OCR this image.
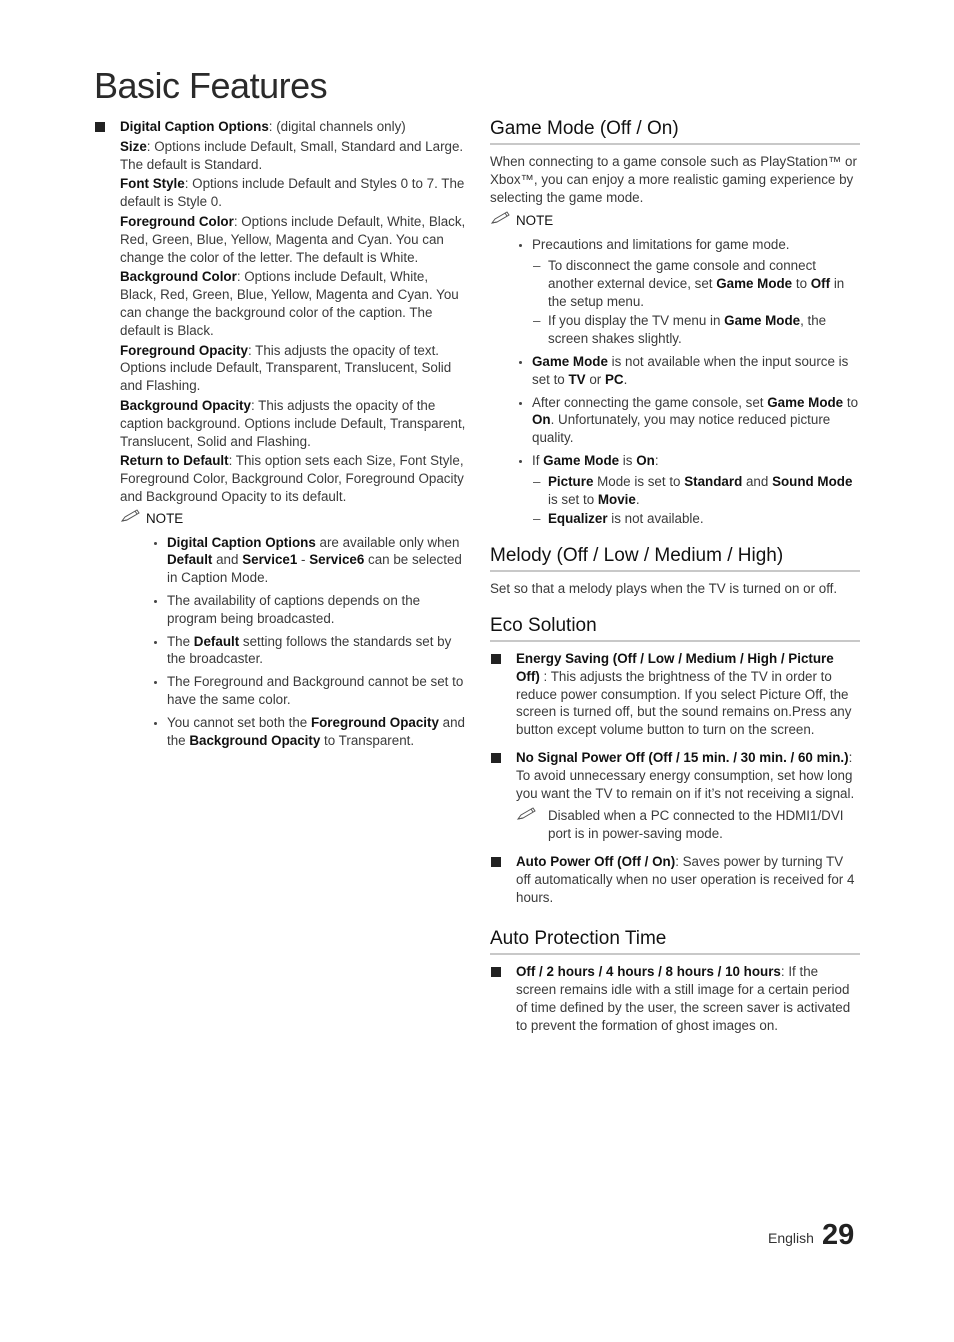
Basic Features

Digital Caption Options: (digital channels only)

Size: Options include Default, Small, Standard and Large. The default is Standard.

Font Style: Options include Default and Styles 0 to 7. The default is Style 0.

Foreground Color: Options include Default, White, Black, Red, Green, Blue, Yellow, Magenta and Cyan. You can change the color of the letter. The default is White.

Background Color: Options include Default, White, Black, Red, Green, Blue, Yellow, Magenta and Cyan. You can change the background color of the caption. The default is Black.

Foreground Opacity: This adjusts the opacity of text. Options include Default, Transparent, Translucent, Solid and Flashing.

Background Opacity: This adjusts the opacity of the caption background. Options include Default, Transparent, Translucent, Solid and Flashing.

Return to Default: This option sets each Size, Font Style, Foreground Color, Background Color, Foreground Opacity and Background Opacity to its default.

NOTE
Digital Caption Options are available only when Default and Service1 - Service6 can be selected in Caption Mode.
The availability of captions depends on the program being broadcasted.
The Default setting follows the standards set by the broadcaster.
The Foreground and Background cannot be set to have the same color.
You cannot set both the Foreground Opacity and the Background Opacity to Transparent.
Game Mode (Off / On)

When connecting to a game console such as PlayStation™ or Xbox™, you can enjoy a more realistic gaming experience by selecting the game mode.

NOTE
Precautions and limitations for game mode.
– To disconnect the game console and connect another external device, set Game Mode to Off in the setup menu.
– If you display the TV menu in Game Mode, the screen shakes slightly.
Game Mode is not available when the input source is set to TV or PC.
After connecting the game console, set Game Mode to On. Unfortunately, you may notice reduced picture quality.
If Game Mode is On:
– Picture Mode is set to Standard and Sound Mode is set to Movie.
– Equalizer is not available.
Melody (Off / Low / Medium / High)

Set so that a melody plays when the TV is turned on or off.

Eco Solution
Energy Saving (Off / Low / Medium / High / Picture Off) : This adjusts the brightness of the TV in order to reduce power consumption. If you select Picture Off, the screen is turned off, but the sound remains on.Press any button except volume button to turn on the screen.
No Signal Power Off (Off / 15 min. / 30 min. / 60 min.): To avoid unnecessary energy consumption, set how long you want the TV to remain on if it’s not receiving a signal.
Disabled when a PC connected to the HDMI1/DVI port is in power-saving mode.
Auto Power Off (Off / On): Saves power by turning TV off automatically when no user operation is received for 4 hours.
Auto Protection Time
Off / 2 hours / 4 hours / 8 hours / 10 hours: If the screen remains idle with a still image for a certain period of time defined by the user, the screen saver is activated to prevent the formation of ghost images on.
English 29
